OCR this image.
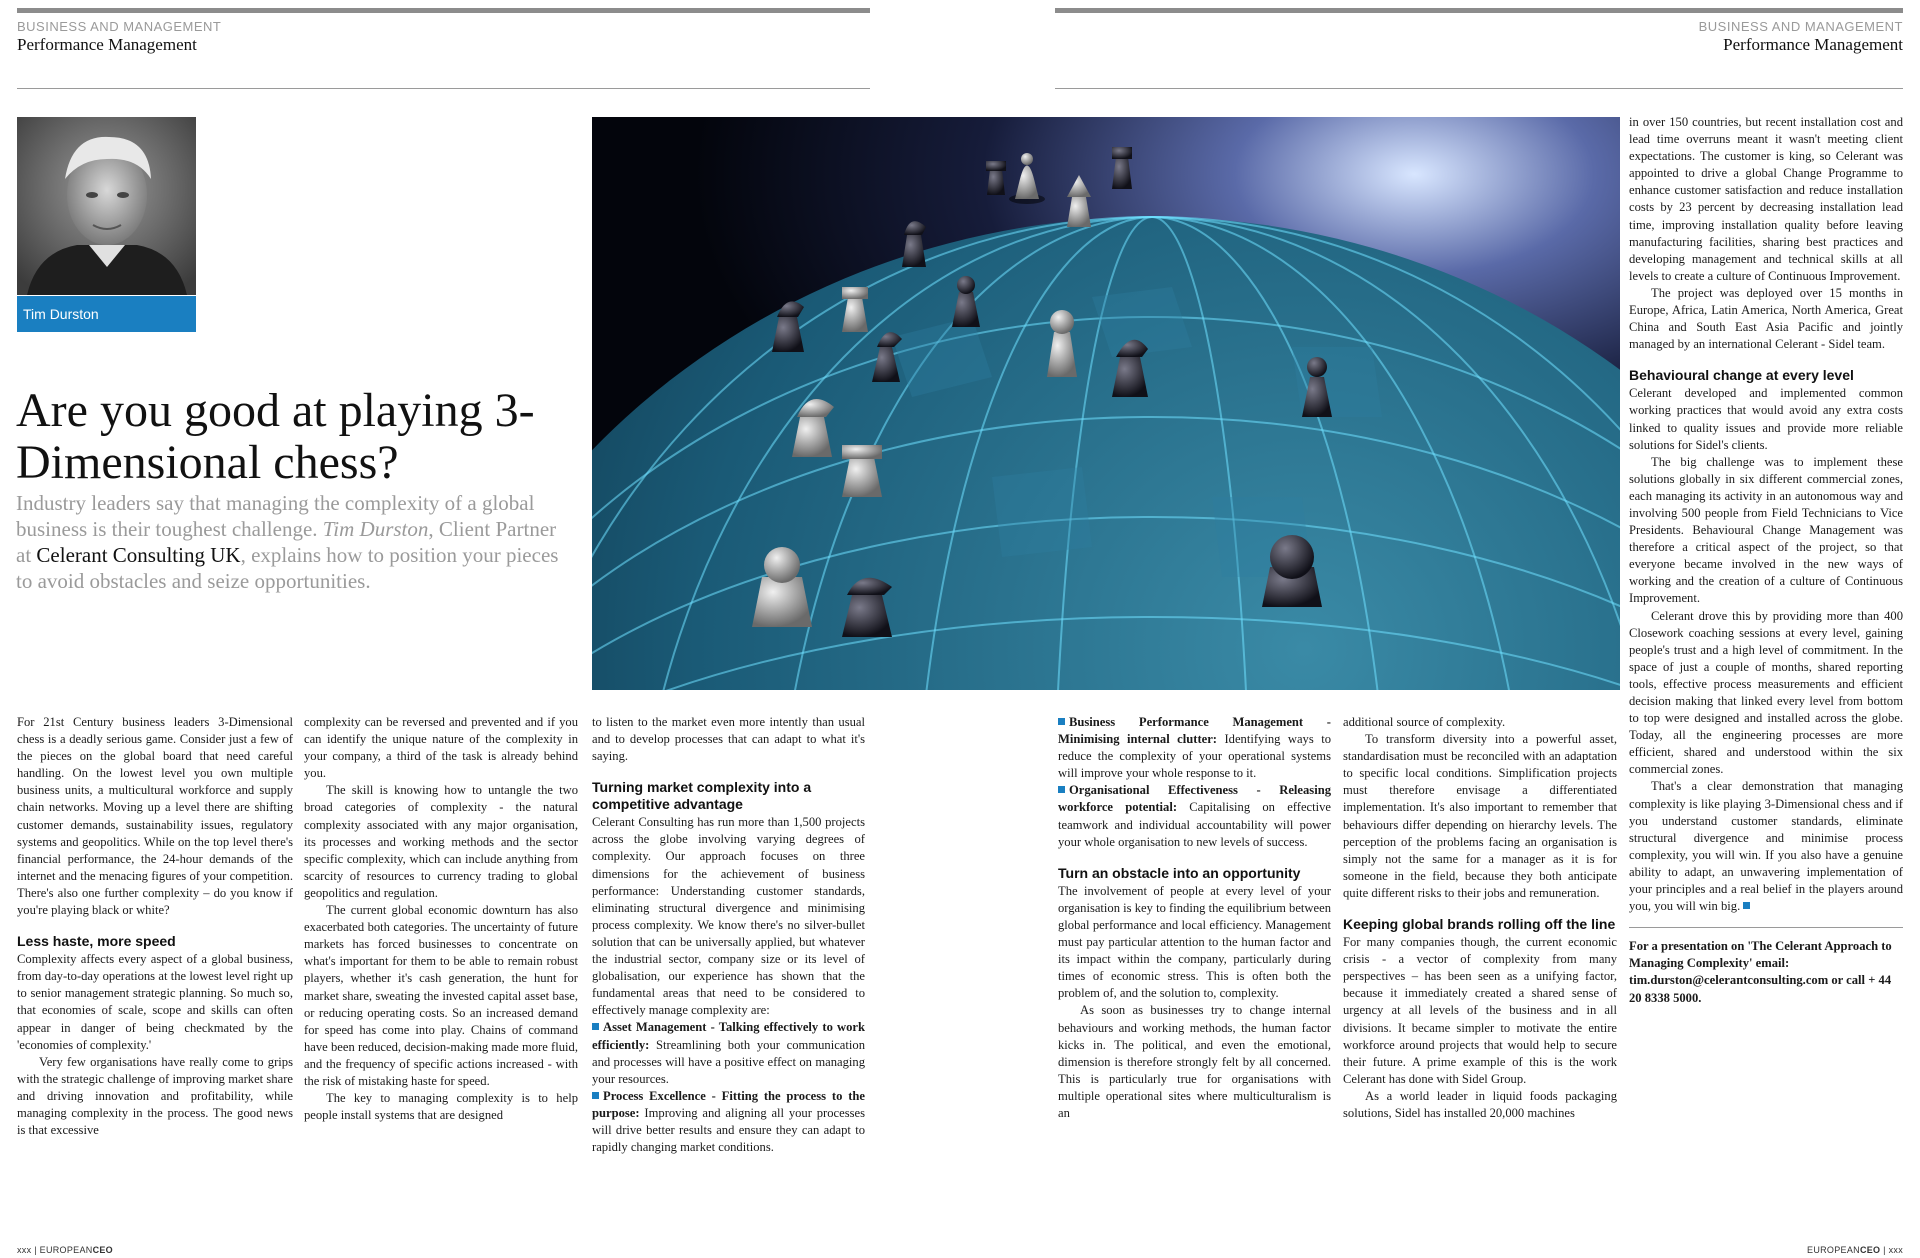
BUSINESS AND MANAGEMENT
Performance Management
Tim Durston
Are you good at playing 3-Dimensional chess?
Industry leaders say that managing the complexity of a global business is their toughest challenge. Tim Durston, Client Partner at Celerant Consulting UK, explains how to position your pieces to avoid obstacles and seize opportunities.

For 21st Century business leaders 3-Dimensional chess is a deadly serious game. Consider just a few of the pieces on the global board that need careful handling. On the lowest level you own multiple business units, a multicultural workforce and supply chain networks. Moving up a level there are shifting customer demands, sustainability issues, regulatory systems and geopolitics. While on the top level there's financial performance, the 24-hour demands of the internet and the menacing figures of your competition. There's also one further complexity – do you know if you're playing black or white?

Less haste, more speed

Complexity affects every aspect of a global business, from day-to-day operations at the lowest level right up to senior management strategic planning. So much so, that economies of scale, scope and skills can often appear in danger of being checkmated by the 'economies of complexity.'

Very few organisations have really come to grips with the strategic challenge of improving market share and driving innovation and profitability, while managing complexity in the process. The good news is that excessive

complexity can be reversed and prevented and if you can identify the unique nature of the complexity in your company, a third of the task is already behind you.

The skill is knowing how to untangle the two broad categories of complexity - the natural complexity associated with any major organisation, its processes and working methods and the sector specific complexity, which can include anything from scarcity of resources to currency trading to global geopolitics and regulation.

The current global economic downturn has also exacerbated both categories. The uncertainty of future markets has forced businesses to concentrate on what's important for them to be able to remain robust players, whether it's cash generation, the hunt for market share, sweating the invested capital asset base, or reducing operating costs. So an increased demand for speed has come into play. Chains of command have been reduced, decision-making made more fluid, and the frequency of specific actions increased - with the risk of mistaking haste for speed.

The key to managing complexity is to help people install systems that are designed

to listen to the market even more intently than usual and to develop processes that can adapt to what it's saying.

Turning market complexity into a competitive advantage

Celerant Consulting has run more than 1,500 projects across the globe involving varying degrees of complexity. Our approach focuses on three dimensions for the achievement of business performance: Understanding customer standards, eliminating structural divergence and minimising process complexity. We know there's no silver-bullet solution that can be universally applied, but whatever the industrial sector, company size or its level of globalisation, our experience has shown that the fundamental areas that need to be considered to effectively manage complexity are:

Asset Management - Talking effectively to work efficiently: Streamlining both your communication and processes will have a positive effect on managing your resources.

Process Excellence - Fitting the process to the purpose: Improving and aligning all your processes will drive better results and ensure they can adapt to rapidly changing market conditions.

xxx | EUROPEANCEO
BUSINESS AND MANAGEMENT
Performance Management

Business Performance Management - Minimising internal clutter: Identifying ways to reduce the complexity of your operational systems will improve your whole response to it.

Organisational Effectiveness - Releasing workforce potential: Capitalising on effective teamwork and individual accountability will power your whole organisation to new levels of success.

Turn an obstacle into an opportunity

The involvement of people at every level of your organisation is key to finding the equilibrium between global performance and local efficiency. Management must pay particular attention to the human factor and its impact within the company, particularly during times of economic stress. This is often both the problem of, and the solution to, complexity.

As soon as businesses try to change internal behaviours and working methods, the human factor kicks in. The political, and even the emotional, dimension is therefore strongly felt by all concerned. This is particularly true for organisations with multiple operational sites where multiculturalism is an

additional source of complexity.

To transform diversity into a powerful asset, standardisation must be reconciled with an adaptation to specific local conditions. Simplification projects must therefore envisage a differentiated implementation. It's also important to remember that behaviours differ depending on hierarchy levels. The perception of the problems facing an organisation is simply not the same for a manager as it is for someone in the field, because they both anticipate quite different risks to their jobs and remuneration.

Keeping global brands rolling off the line

For many companies though, the current economic crisis - a vector of complexity from many perspectives – has been seen as a unifying factor, because it immediately created a shared sense of urgency at all levels of the business and in all divisions. It became simpler to motivate the entire workforce around projects that would help to secure their future. A prime example of this is the work Celerant has done with Sidel Group.

As a world leader in liquid foods packaging solutions, Sidel has installed 20,000 machines

in over 150 countries, but recent installation cost and lead time overruns meant it wasn't meeting client expectations. The customer is king, so Celerant was appointed to drive a global Change Programme to enhance customer satisfaction and reduce installation costs by 23 percent by decreasing installation lead time, improving installation quality before leaving manufacturing facilities, sharing best practices and developing management and technical skills at all levels to create a culture of Continuous Improvement.

The project was deployed over 15 months in Europe, Africa, Latin America, North America, Great China and South East Asia Pacific and jointly managed by an international Celerant - Sidel team.

Behavioural change at every level

Celerant developed and implemented common working practices that would avoid any extra costs linked to quality issues and provide more reliable solutions for Sidel's clients.

The big challenge was to implement these solutions globally in six different commercial zones, each managing its activity in an autonomous way and involving 500 people from Field Technicians to Vice Presidents. Behavioural Change Management was therefore a critical aspect of the project, so that everyone became involved in the new ways of working and the creation of a culture of Continuous Improvement.

Celerant drove this by providing more than 400 Closework coaching sessions at every level, gaining people's trust and a high level of commitment. In the space of just a couple of months, shared reporting tools, effective process measurements and efficient decision making that linked every level from bottom to top were designed and installed across the globe. Today, all the engineering processes are more efficient, shared and understood within the six commercial zones.

That's a clear demonstration that managing complexity is like playing 3-Dimensional chess and if you understand customer standards, eliminate structural divergence and minimise process complexity, you will win. If you also have a genuine ability to adapt, an unwavering implementation of your principles and a real belief in the players around you, you will win big.

For a presentation on 'The Celerant Approach to Managing Complexity' email: tim.durston@celerantconsulting.com or call + 44 20 8338 5000.

EUROPEANCEO | xxx
